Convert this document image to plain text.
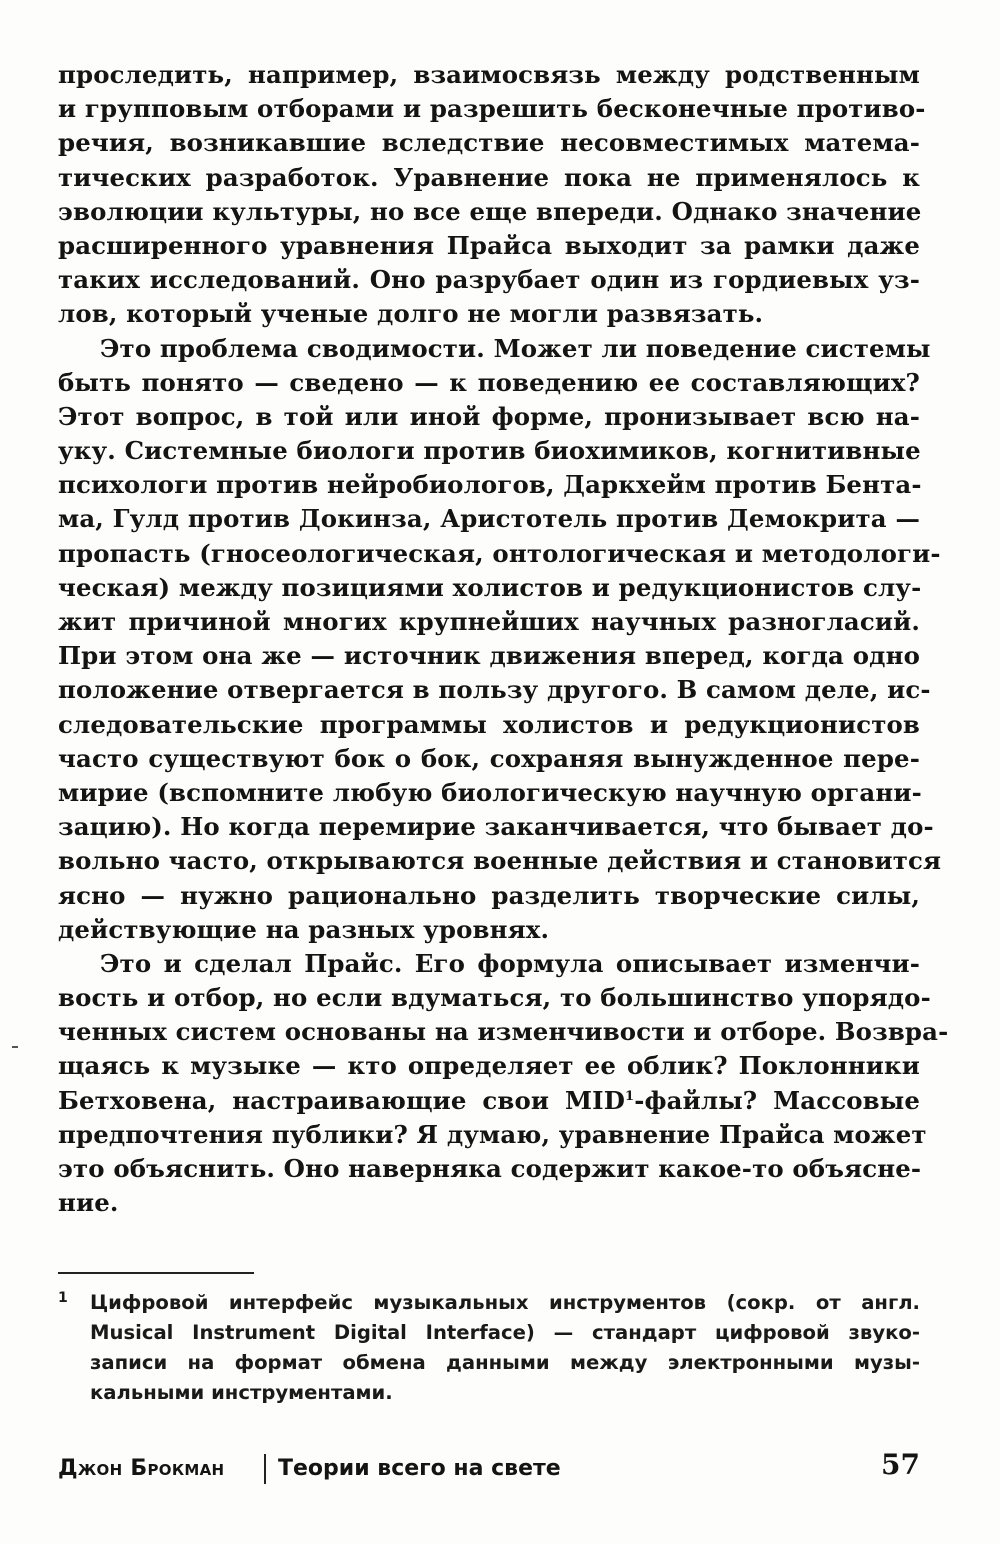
проследить, например, взаимосвязь между родственным
и групповым отборами и разрешить бесконечные противо-
речия, возникавшие вследствие несовместимых матема-
тических разработок. Уравнение пока не применялось к
эволюции культуры, но все еще впереди. Однако значение
расширенного уравнения Прайса выходит за рамки даже
таких исследований. Оно разрубает один из гордиевых уз-
лов, который ученые долго не могли развязать.
Это проблема сводимости. Может ли поведение системы
быть понято — сведено — к поведению ее составляющих?
Этот вопрос, в той или иной форме, пронизывает всю на-
уку. Системные биологи против биохимиков, когнитивные
психологи против нейробиологов, Даркхейм против Бента-
ма, Гулд против Докинза, Аристотель против Демокрита —
пропасть (гносеологическая, онтологическая и методологи-
ческая) между позициями холистов и редукционистов слу-
жит причиной многих крупнейших научных разногласий.
При этом она же — источник движения вперед, когда одно
положение отвергается в пользу другого. В самом деле, ис-
следовательские программы холистов и редукционистов
часто существуют бок о бок, сохраняя вынужденное пере-
мирие (вспомните любую биологическую научную органи-
зацию). Но когда перемирие заканчивается, что бывает до-
вольно часто, открываются военные действия и становится
ясно — нужно рационально разделить творческие силы,
действующие на разных уровнях.
Это и сделал Прайс. Его формула описывает изменчи-
вость и отбор, но если вдуматься, то большинство упорядо-
ченных систем основаны на изменчивости и отборе. Возвра-
щаясь к музыке — кто определяет ее облик? Поклонники
Бетховена, настраивающие свои MID$^1$-файлы? Массовые
предпочтения публики? Я думаю, уравнение Прайса может
это объяснить. Оно наверняка содержит какое-то объясне-
ние.
1 Цифровой интерфейс музыкальных инструментов (сокр. от англ.
Musical Instrument Digital Interface) — стандарт цифровой звуко-
записи на формат обмена данными между электронными музы-
кальными инструментами.
Джон Брокман Теории всего на свете	57
